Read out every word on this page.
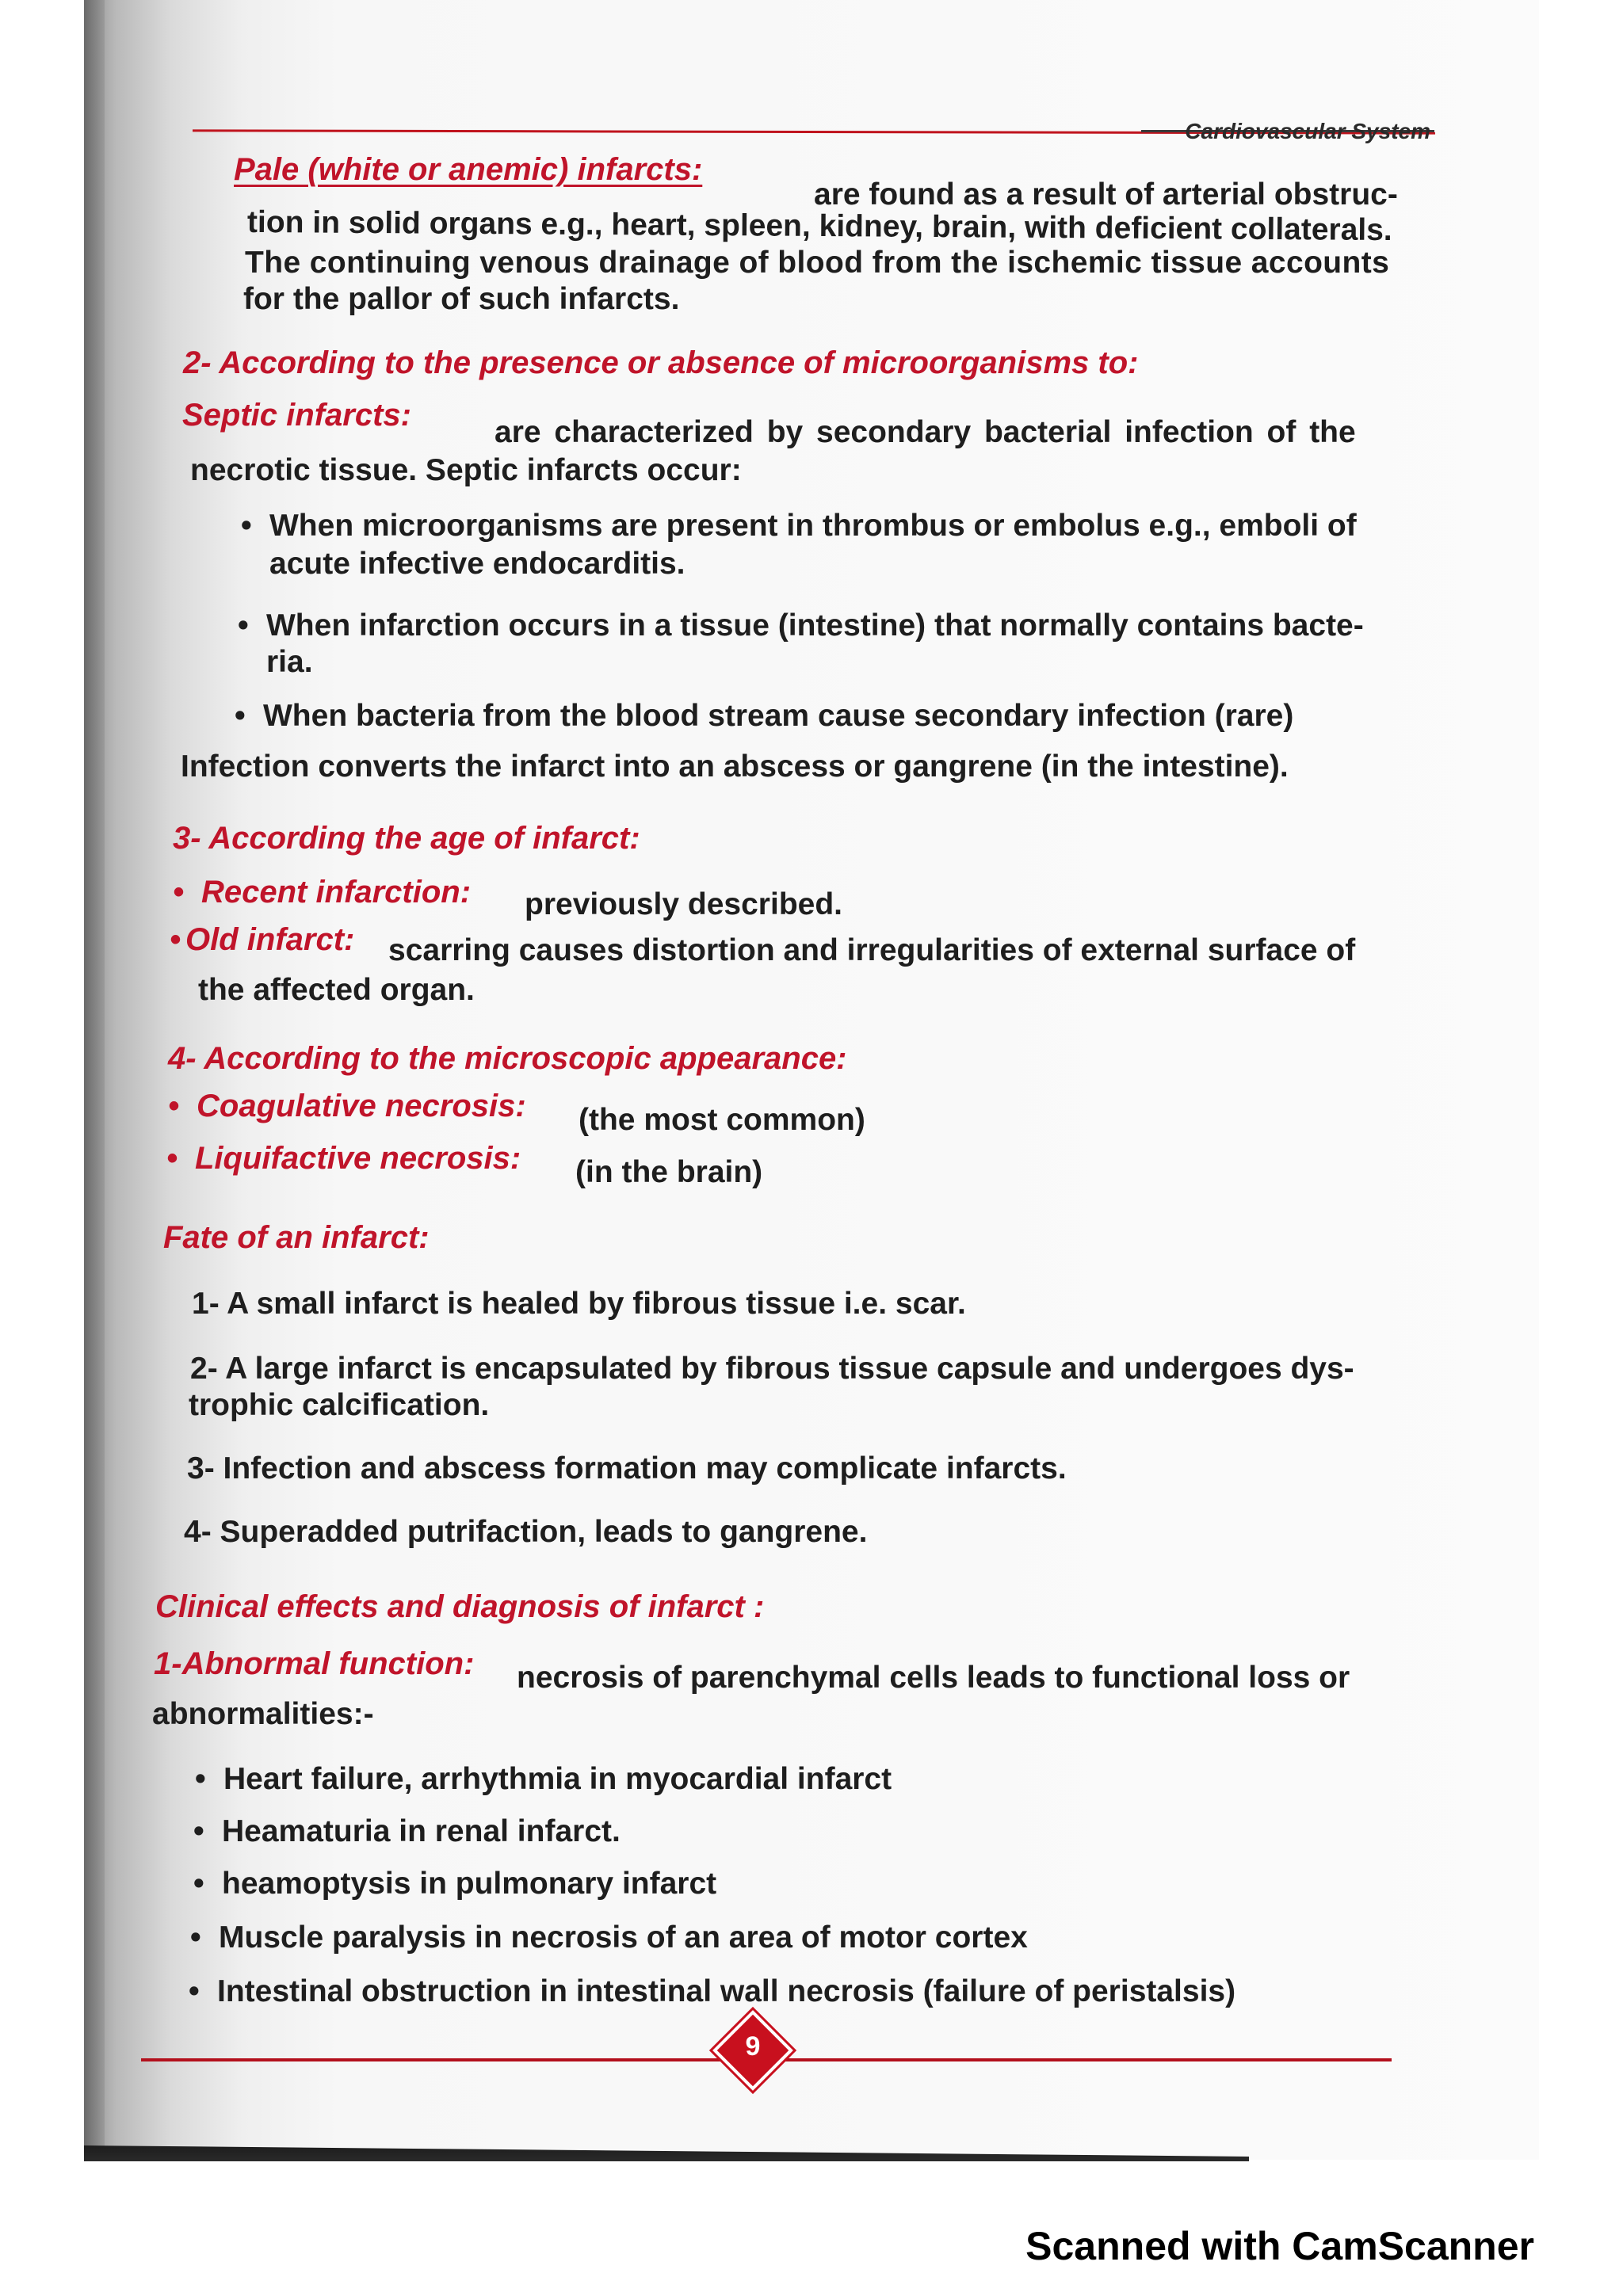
Cardiovascular System
Pale (white or anemic) infarcts:
are found as a result of arterial obstruc-
tion in solid organs e.g., heart, spleen, kidney, brain, with deficient collaterals.
The continuing venous drainage of blood from the ischemic tissue accounts
for the pallor of such infarcts.
2- According to the presence or absence of microorganisms to:
Septic infarcts:	are characterized by secondary bacterial infection of the
necrotic tissue. Septic infarcts occur:
• When microorganisms are present in thrombus or embolus e.g., emboli of
acute infective endocarditis.
• When infarction occurs in a tissue (intestine) that normally contains bacte-
ria.
• When bacteria from the blood stream cause secondary infection (rare)
Infection converts the infarct into an abscess or gangrene (in the intestine).
3- According the age of infarct:
• Recent infarction: previously described.
• Old infarct: scarring causes distortion and irregularities of external surface of
the affected organ.
4- According to the microscopic appearance:
• Coagulative necrosis: (the most common)
• Liquifactive necrosis: (in the brain)
Fate of an infarct:
1- A small infarct is healed by fibrous tissue i.e. scar.
2- A large infarct is encapsulated by fibrous tissue capsule and undergoes dys-
trophic calcification.
3- Infection and abscess formation may complicate infarcts.
4- Superadded putrifaction, leads to gangrene.
Clinical effects and diagnosis of infarct :
1-Abnormal function: necrosis of parenchymal cells leads to functional loss or
abnormalities:-
• Heart failure, arrhythmia in myocardial infarct
• Heamaturia in renal infarct.
• heamoptysis in pulmonary infarct
• Muscle paralysis in necrosis of an area of motor cortex
• Intestinal obstruction in intestinal wall necrosis (failure of peristalsis)
9
Scanned with CamScanner
